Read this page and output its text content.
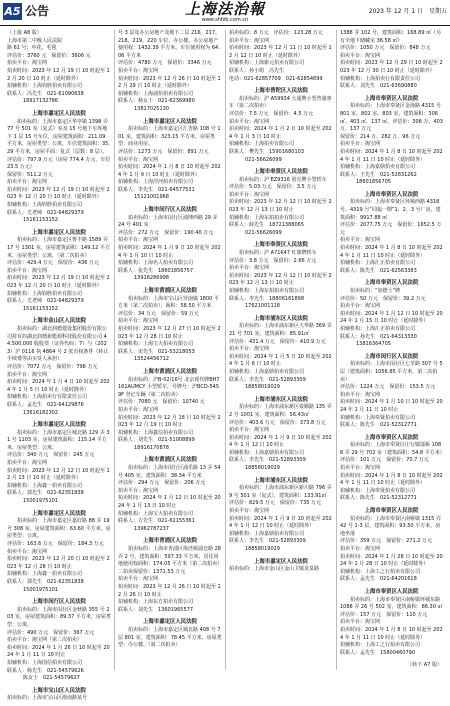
A5 公告	上海法治報
www.shfzb.com.cn
2023 年 12 月 1 日　星期五
（上接 A8 版）
上海市第二中级人民法院
路 61 号；中花、毛毯
评估价：3760 元　保留价：3606 元
拍卖平台：淘宝网
拍卖时间：2023 年 12 月 19 日 10 时起至 12 月 20 日 10 时止（延时除外）
拍辅机构：上海钧胜拍卖有限公司
联系人：冯先生　021-61090638
18917132786
上海市嘉定区人民法院
拍卖标的：上海市嘉定区华亭镇 1398 弄 77 号 501 室（复式）室及 15 号地下车库地下 1 层 15 号车位，房屋建筑面积：211.09 平方米，房屋类型：公寓，车位建筑面积：35.29 平方米，房屋平面：复式（层数：8 层）。
评估价：797.9 万元（房屋 774.4 万元，车位 23.5 万元）
保留价：511.2 万元
拍卖平台：淘宝网
拍卖时间：2023 年 12 月 19 日 10 时起至 2023 年 12 月 20 日 10 时止（延时除外）
拍辅机构：上海钧胜拍卖有限公司
联系人：尤老师　021-64829379
15161153152
上海市嘉定区人民法院
拍卖标的：上海市嘉定区曹丰路 1589 弄 17 号 1301 室，房屋建筑面积：149.12 平方米，房屋类型：公寓，（第二次拍卖）
评估价：429.4 万元　保留价：436 万元
拍卖平台：淘宝网
拍卖时间：2023 年 12 月 19 日 10 时起至 2023 年 12 月 20 日 10 时止（延时除外）
拍辅机构：上海钧胜拍卖有限公司
联系人：尤老师　021-64829379
15161153152
上海市金山区人民法院
拍卖标的：湖北润德建设集团股份有限公司持有的湖北润德新能源科技股份有限公司 44.500,000 股股票（证券代码：7）与（2023）沪 0116 执 4864 号 2 张有权条件（转让手续费等由买受人承担）
评估价：7072 万元　保留价：798 万元
拍卖平台：淘宝网
拍卖时间：2024 年 1 月 4 日 10 时起至 2024 年 1 月 5 日 10 时止（延时除外）
拍辅机构：上海拍卖行有限责任公司
联系人：孟先生　021-64129876
13616182302
上海市嘉定区人民法院
拍卖标的：上海市嘉定区城北路 129 弄 31 号 1103 室，房屋建筑面积：115.14 平方米，房屋类型：公寓。
评估价：340 万元　保留价：245 万元
拍卖平台：淘宝网
拍卖时间：2023 年 12 月 12 日 10 时起至 12 月 13 日 10 时止（延时除外）
拍辅机构：上海鑫一拍卖有限公司
联系人：郭先生　021-62351838
15001975101
上海市嘉定区人民法院
拍卖标的：上海市嘉定区嘉好路 88 弄 19 号 308 室，房屋建筑面积：63.60 平方米，房屋类型：公寓。
评估价：163.6 万元　保留价：184.3 万元
拍卖平台：淘宝网
拍卖时间：2023 年 12 月 20 日 10 时起至 2023 年 12 月 28 日 10 时止
拍辅机构：上海鑫一拍卖有限公司
联系人：郭先生　021-62351838
15001975101
上海市闵行区人民法院
拍卖标的：上海市闵行区金秋路 355 号 203 室，房屋建筑面积：89.37 平方米，房屋类型：公寓。
评估价：490 万元　保留价：367 万元
拍卖平台：淘宝网（第二次拍卖）
拍卖时间：2024 年 1 月 26 日 10 时起至 2024 年 1 月 11 日 10 时止
拍辅机构：上海国信拍卖有限公司
联系人：杨先生　021-54579626
陈女士　021-54579627
上海市宝山区人民法院
拍卖标的：上海市宝山区淞南路某号
号 3 层及办公房地产及地下二层 216、217、218、219、220 车位，办公楼，办公房地产使用权：1432.39 平方米，车位使用权为 64.06 平方米
评估价：4780 万元　保留价：3346 万元
拍卖平台：淘宝网
拍卖时间：2023 年 12 月 26 日 10 时起至 12 月 29 日 10 时止（延时除外）
拍辅机构：上海浦恒拍卖有限公司
联系人：杨女士　021-62369980
13817025130
上海市嘉定区人民法院
拍卖标的：上海市嘉定区汇杏路 108 号 101 室，建筑面积：323.15 平方米，房屋类型：商业用房。
评估价：1273 万元　保留价：891 万元
拍卖平台：淘宝网
拍卖时间：2024 年 1 月 8 日 10 时起至 2024 年 1 月 9 日 10 时止（延时除外）
拍辅机构：上海涅河拍卖有限公司
联系人：李先生　021-64577531
15121001968
上海市闵行区人民法院
拍卖标的：上海市闵行区浦坤西路 29 弄 24 号 401 室
评估价：272 万元　保留价：190.40 万元
拍卖平台：淘宝网
拍卖时间：2024 年 1 月 9 日 10 时起至 2024 年 1 月 10 日 10 时止
拍辅机构：上海名人拍卖有限公司
联系人：张先生　18601856757
13916286998
上海市黄浦区人民法院
拍卖标的：上海市宝山区罗南镇 1800 平方米（第二次拍卖），面积：58.50 平方米
评估价：34 万元　保留价：59 万元
拍卖平台：淘宝网
拍卖时间：2023 年 12 月 27 日 10 时起至 2023 年 12 月 28 日 10 时止
拍辅机构：上海宝大拍卖有限公司
联系人：宋先生　021-53218053
13524456712
上海市黄浦区人民法院
拍卖标的：沪B-02/16号 北京现代牌BH7161AUMCY 小型轿车，号牌号：沪BCD-5459F 登记车辆（第二次拍卖）
评估价：7080 元　保留价：10740 元
拍卖平台：淘宝网
拍卖时间：2023 年 12 月 18 日 10 时起至 2023 年 12 月 19 日 10 时止
拍辅机构：上海鑫信拍卖有限公司
联系人：刘先生　021-51008899
18916170878
上海市黄浦区人民法院
拍卖标的：上海市闵行区浦乐路 13 弄 54 号 405 室，建筑面积：38.34 平方米
评估价：294 万元　保留价：206 万元
拍卖平台：淘宝网
拍卖时间：2024 年 1 月 12 日 10 时起至 2024 年 1 月 13 日 10 时止
拍辅机构：上海宝大拍卖有限公司
联系人：方先生　021-62155361
13962787237
上海市青浦区人民法院
拍卖标的：上海市青浦区徐泾镇浦仓路 28 弄 2 号，建筑面积：597.33 平方米，居住用地使用权面积：174.05 平方米（第二次拍卖）
二拍卖保留价：1371.53 万元
拍卖平台：淘宝网
拍卖时间：2023 年 12 月 26 日 10 时起至 12 月 26 日 10 时止
拍辅机构：上海东方拍卖有限公司
联系人：刘先生　13601965577
上海市嘉定区人民法院
拍卖标的：上海市嘉定区城北路 408 号 7 层 801 室，建筑面积：78.45 平方米，房屋类型：办公楼。（第二次拍卖）
拍卖标的：8 万元　评估价：123.28 万元
拍卖平台：淘宝网
拍卖时间：2023 年 12 月 11 日 10 时起至 12 月 12 日 10 时止（延时除外）
拍辅机构：上海新元拍卖有限公司
联系人：孙小姐　冯先生
电话：021-62857709　021-62854899
上海市普陀区人民法院
拍卖标的：沪 A59934 大通牌小型普通客车（第二次拍卖）
评估价：7.5 万元　保留价：4.5 万元
拍卖平台：淘宝网
拍卖时间：2024 年 1 月 2 日 10 时起至 2024 年 1 月 3 日 10 时止
拍辅机构：上海拍卖有限公司
联系人：樊先生　15901680103
021-56626099
上海市奉贤区人民法院
拍卖标的：沪 EZ9316 别克牌小型轿车
评估价：5.03 万元　保留价：3.5 万元
拍卖平台：淘宝网
拍卖时间：2023 年 12 月 12 日 10 时起至 2023 年 12 月 13 日 10 时止
拍辅机构：上海东拍拍卖有限公司
联系人：薛先生　18721388065
021-56626099
上海市奉贤区人民法院
拍卖标的：沪 A71K47 红旗牌轿车
评估价：3.8 万元　保留价：2.66 万元
拍卖平台：淘宝网
拍卖时间：2023 年 12 月 12 日 10 时起至 2023 年 12 月 13 日 10 时止
拍辅机构：上海东拍拍卖有限公司
联系人：李先生　18806161898
17621001118
上海市浦东区人民法院
拍卖标的：上海市浦东新区大华路 369 弄 21 号 701 室，建筑面积：85.91㎡
评估价：431.4 万元　保留价：410.9 万元
拍卖平台：淘宝网
拍卖时间：2024 年 1 月 5 日 10 时起至 2024 年 1 月 6 日 10 时止
拍辅机构：上海嘉鼎拍卖有限公司
联系人：李先生　021-52893309
18858019029
上海市浦东区人民法院
拍卖标的：上海市浦东新区泰顺路 135 弄 2 号 1001 室，建筑面积：56.43㎡
评估价：403.6 万元　保留价：373.8 万元
拍卖平台：淘宝网
拍卖时间：2024 年 1 月 9 日 10 时起至 2024 年 1 月 12 日 10 时止
拍辅机构：上海嘉鼎拍卖有限公司
联系人：李先生　021-52893309
18858019029
上海市浦东区人民法院
拍卖标的：上海市浦东新区新川路 796 弄 9 号 501 室（复式），建筑面积：133.91㎡
评估价：829.5 万元　保留价：735 万元
拍卖平台：淘宝网
拍卖时间：2024 年 1 月 9 日 10 时起至 2024 年 1 月 12 日 10 时止（延时除外）
拍辅机构：上海嘉鼎拍卖有限公司
联系人：李先生　021-52893309
18858019029
上海市嘉定区人民法院
拍卖标的：上海市金山区金山卫镇龙泉路
1388 弄 102 号，建筑面积：168.89 ㎡（另有全地下储藏室 36.58 ㎡）
评估价：1050 万元　保留价：848 万元
拍卖平台：淘宝网
拍卖时间：2023 年 12 月 29 日 10 时起至 2023 年 12 月 30 日 10 时止（延时除外）
拍辅机构：上海拍卖行有限责任公司
联系人：刘先生　021-63690880
上海市奉贤区人民法院
拍卖标的：上海市奉贤区金海路 4315 号 801 室、802 室、803 室，建筑面积：306 ㎡、403 ㎡、137 ㎡，评估价：306 万、403 万、137 万元
保留价：214 万、282 万、96 万元
拍卖平台：淘宝网
拍卖时间：2024 年 1 月 8 日 10 时起至 2024 年 1 月 11 日 10 时止（延时除外）
拍辅机构：上海嘉鼎拍卖有限公司
联系人：王先生　021-52831262
18601856705
上海市奉贤区人民法院
拍卖标的：上海市奉贤区环城西路 4318 号、4319 号“同福一期”1、2、3 号厂房，建筑面积：9917.88 ㎡
评估价：2077.75 万元　保留价：1652.5 万元
拍卖平台：淘宝网
拍卖时间：2024 年 1 月 8 日 10 时起至 2024 年 1 月 11 日 10 时止（延时除外）
拍辅机构：上海汇正拍卖有限公司
联系人：陈先生　021-62563383
上海市奉贤区人民法院
拍卖标的：“加德士”牌
评估价：50 万元　保留价：39.2 万元
拍卖平台：淘宝网
拍卖时间：2024 年 1 月 12 日 10 时起至 2024 年 1 月 15 日 10 时止（延时除外）
拍辅机构：上海汇正拍卖有限公司
联系人：孙先生　021-64313330
13816364705
上海市闵行区人民法院
拍卖标的：上海市闵行区七莘路 307 号 5 层（建筑面积：1056.85 平方米，第二次拍卖）
评估价：1224 万元　保留价：153.5 万元
拍卖平台：淘宝网
拍卖时间：2024 年 1 月 10 日 10 时起至 2024 年 1 月 11 日 10 时止
拍辅机构：上海奉贤拍卖有限公司
联系人：陈先生　021-52312771
上海市奉贤区人民法院
拍卖标的：上海市奉贤区庄行镇邬桥 1088 弄 29 号 702 室（建筑面积：54.8 平方米）
评估价：101 万元　保留价：70.7 万元
拍卖平台：淘宝网
拍卖时间：2024 年 1 月 8 日 10 时起至 2024 年 1 月 11 日 10 时止（延时除外）
拍辅机构：上海奉贤拍卖有限公司
联系人：陈先生　021-52312771
上海市奉贤区人民法院
拍卖标的：上海市奉贤区南桥镇 1315 弄 42 号 1-3 层，建筑面积：93.50 平方米，房地坐落
评估价：359 万元　保留价：271.2 万元
拍卖平台：淘宝网
拍卖时间：2024 年 1 月 28 日 10 时起至 2024 年 1 月 28 日 10 时止（延时除外）
拍辅机构：上海工之行拍卖有限公司
联系人：孟先生　021-64201618
上海市奉贤区人民法院
拍卖标的：上海市奉贤区南桥镇环城东路 1088 弄 26 号 502 室，建筑面积：86.30 ㎡
评估价：157 万元　保留价：110 万元
拍卖平台：淘宝网
拍卖时间：2024 年 1 月 8 日 10 时起至 2024 年 1 月 11 日 10 时止（延时除外）
拍辅机构：上海工之行拍卖有限公司
联系人：孟先生　15800460790
（转下 A7 版）
